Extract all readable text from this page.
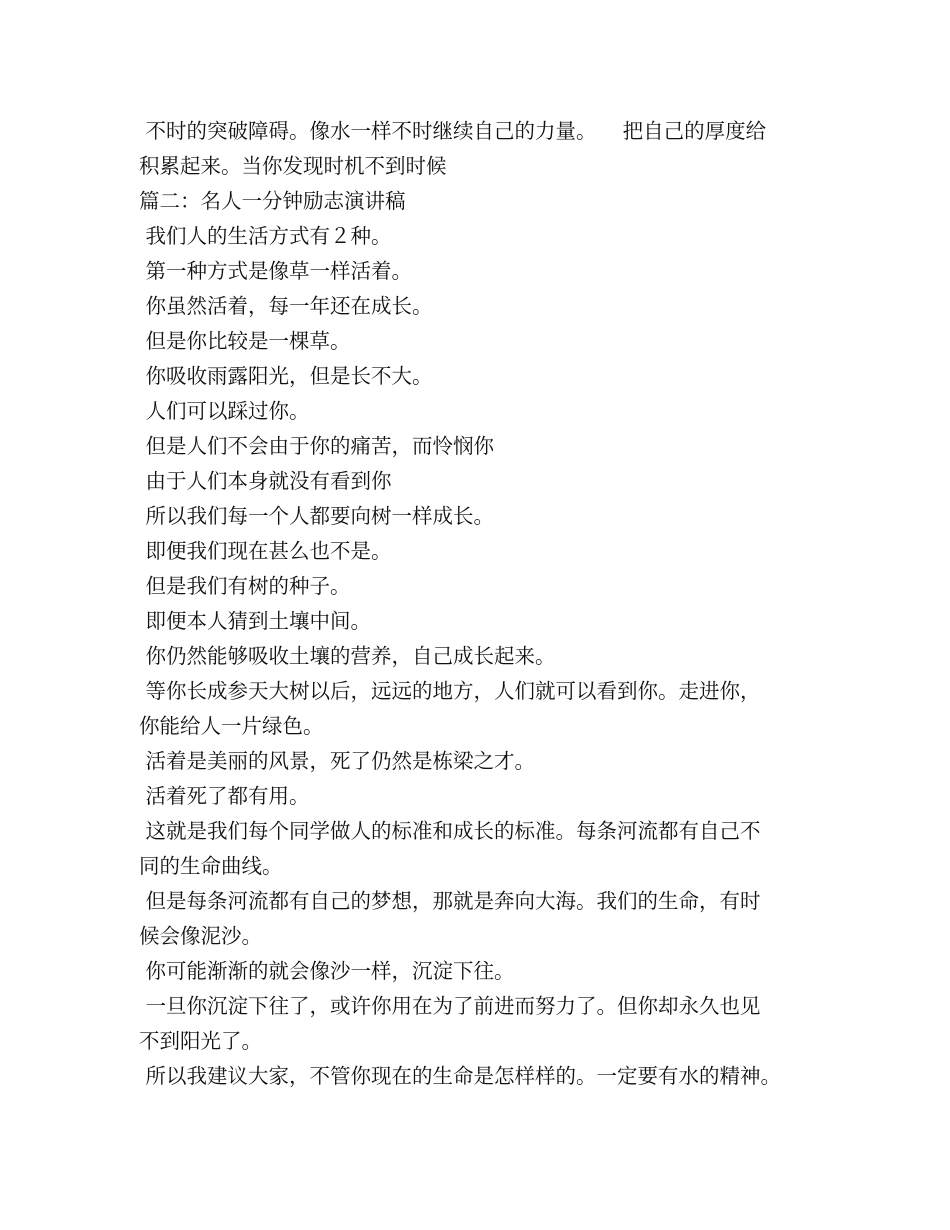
不时的突破障碍。像水一样不时继续自己的力量。    把自己的厚度给

积累起来。当你发现时机不到时候

篇二：名人一分钟励志演讲稿

我们人的生活方式有２种。

第一种方式是像草一样活着。

你虽然活着，每一年还在成长。

但是你比较是一棵草。

你吸收雨露阳光，但是长不大。

人们可以踩过你。

但是人们不会由于你的痛苦，而怜悯你

由于人们本身就没有看到你

所以我们每一个人都要向树一样成长。

即便我们现在甚么也不是。

但是我们有树的种子。

即便本人猜到土壤中间。

你仍然能够吸收土壤的营养，自己成长起来。

等你长成参天大树以后，远远的地方，人们就可以看到你。走进你，

你能给人一片绿色。

活着是美丽的风景，死了仍然是栋梁之才。

活着死了都有用。

这就是我们每个同学做人的标准和成长的标准。每条河流都有自己不

同的生命曲线。

但是每条河流都有自己的梦想，那就是奔向大海。我们的生命，有时

候会像泥沙。

你可能渐渐的就会像沙一样，沉淀下往。

一旦你沉淀下往了，或许你用在为了前进而努力了。但你却永久也见

不到阳光了。

所以我建议大家，不管你现在的生命是怎样样的。一定要有水的精神。
